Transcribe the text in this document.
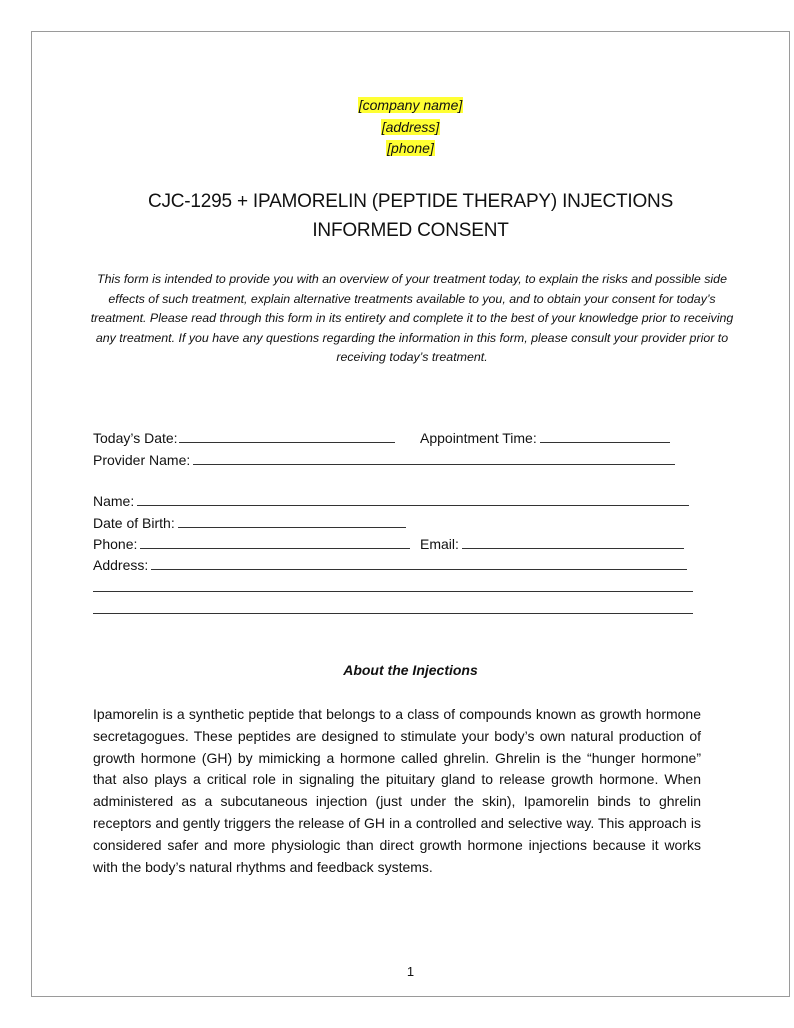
[company name]
[address]
[phone]
CJC-1295 + IPAMORELIN (PEPTIDE THERAPY) INJECTIONS
INFORMED CONSENT
This form is intended to provide you with an overview of your treatment today, to explain the risks and possible side effects of such treatment, explain alternative treatments available to you, and to obtain your consent for today’s treatment. Please read through this form in its entirety and complete it to the best of your knowledge prior to receiving any treatment. If you have any questions regarding the information in this form, please consult your provider prior to receiving today’s treatment.
Today’s Date:	Appointment Time:
Provider Name:
Name:
Date of Birth:
Phone:	Email:
Address:
About the Injections
Ipamorelin is a synthetic peptide that belongs to a class of compounds known as growth hormone secretagogues. These peptides are designed to stimulate your body’s own natural production of growth hormone (GH) by mimicking a hormone called ghrelin. Ghrelin is the “hunger hormone” that also plays a critical role in signaling the pituitary gland to release growth hormone. When administered as a subcutaneous injection (just under the skin), Ipamorelin binds to ghrelin receptors and gently triggers the release of GH in a controlled and selective way. This approach is considered safer and more physiologic than direct growth hormone injections because it works with the body’s natural rhythms and feedback systems.
1
